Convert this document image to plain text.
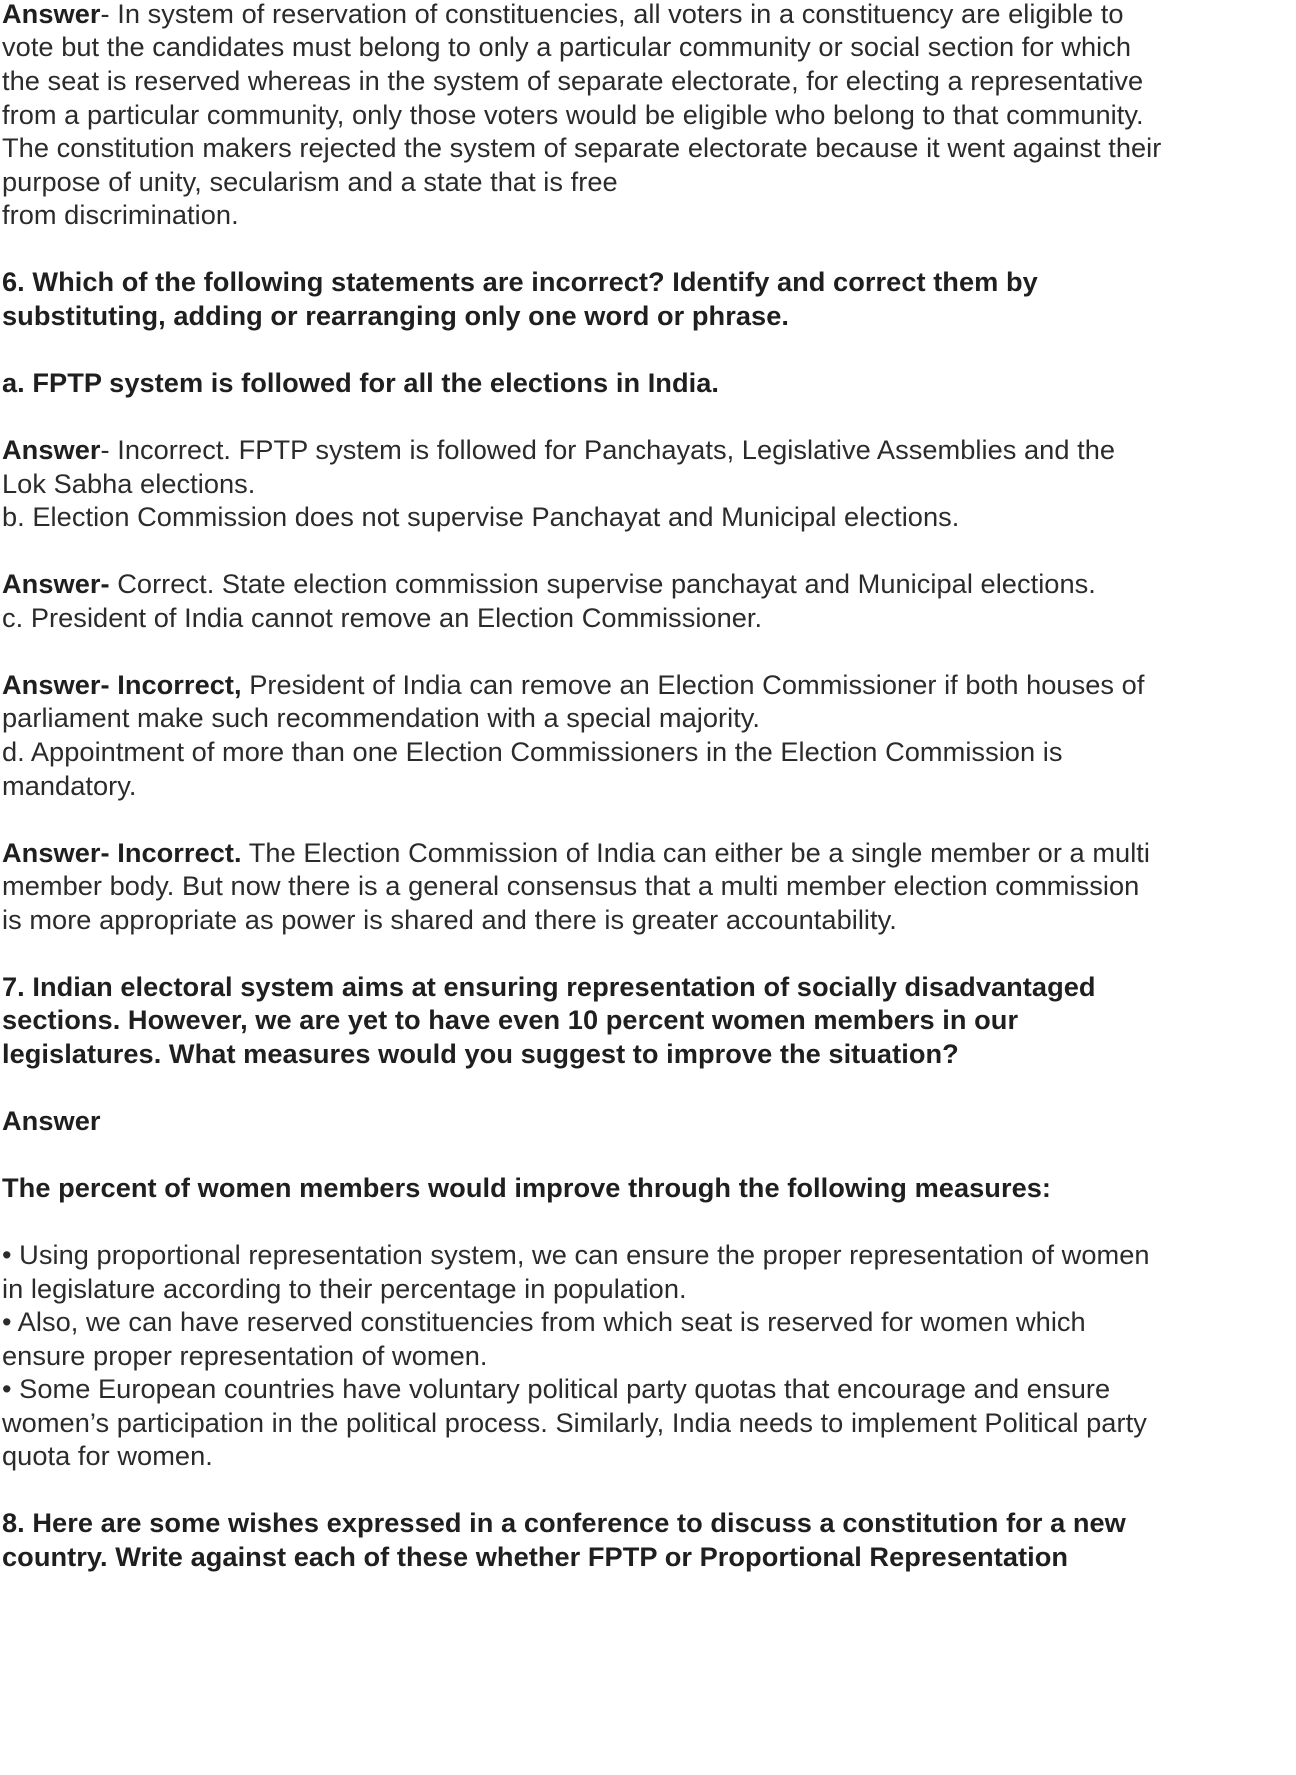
Answer- In system of reservation of constituencies, all voters in a constituency are eligible to
vote but the candidates must belong to only a particular community or social section for which
the seat is reserved whereas in the system of separate electorate, for electing a representative
from a particular community, only those voters would be eligible who belong to that community.
The constitution makers rejected the system of separate electorate because it went against their
purpose of unity, secularism and a state that is free
from discrimination.
6. Which of the following statements are incorrect? Identify and correct them by
substituting, adding or rearranging only one word or phrase.
a. FPTP system is followed for all the elections in India.
Answer- Incorrect. FPTP system is followed for Panchayats, Legislative Assemblies and the
Lok Sabha elections.
b. Election Commission does not supervise Panchayat and Municipal elections.
Answer- Correct. State election commission supervise panchayat and Municipal elections.
c. President of India cannot remove an Election Commissioner.
Answer- Incorrect, President of India can remove an Election Commissioner if both houses of
parliament make such recommendation with a special majority.
d. Appointment of more than one Election Commissioners in the Election Commission is
mandatory.
Answer- Incorrect. The Election Commission of India can either be a single member or a multi
member body. But now there is a general consensus that a multi member election commission
is more appropriate as power is shared and there is greater accountability.
7. Indian electoral system aims at ensuring representation of socially disadvantaged
sections. However, we are yet to have even 10 percent women members in our
legislatures. What measures would you suggest to improve the situation?
Answer
The percent of women members would improve through the following measures:
• Using proportional representation system, we can ensure the proper representation of women
in legislature according to their percentage in population.
• Also, we can have reserved constituencies from which seat is reserved for women which
ensure proper representation of women.
• Some European countries have voluntary political party quotas that encourage and ensure
women’s participation in the political process. Similarly, India needs to implement Political party
quota for women.
8. Here are some wishes expressed in a conference to discuss a constitution for a new
country. Write against each of these whether FPTP or Proportional Representation
